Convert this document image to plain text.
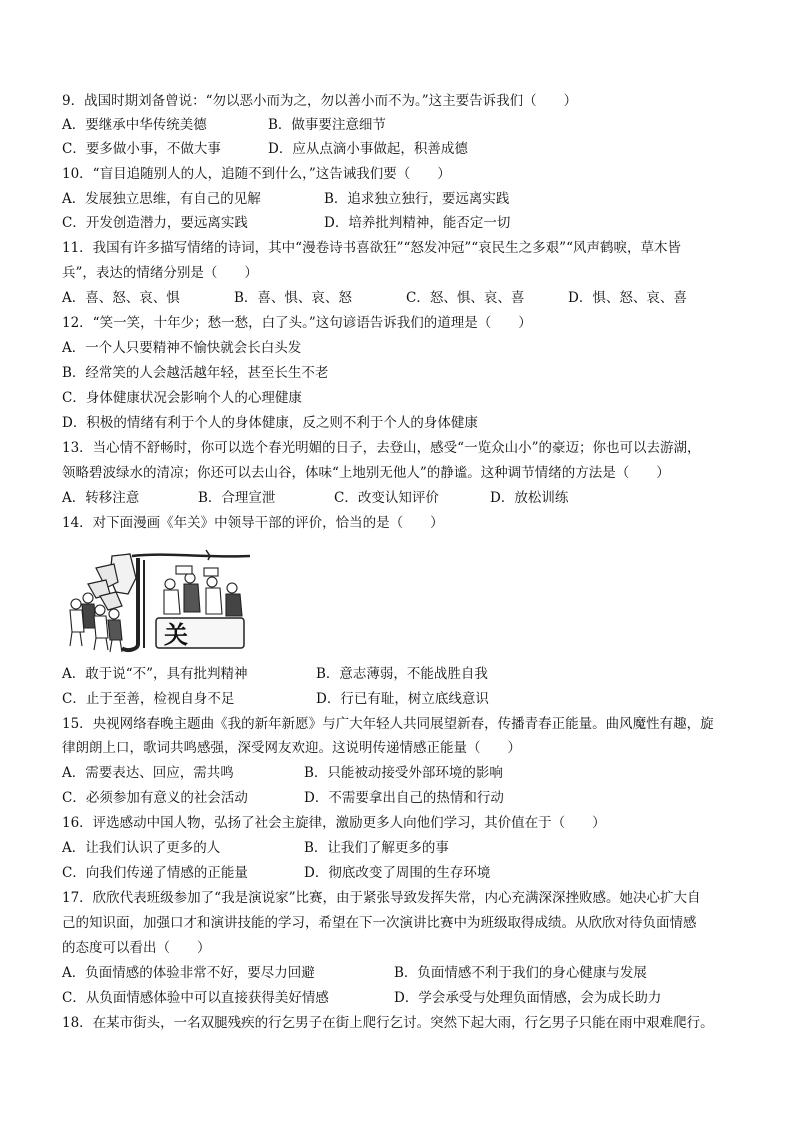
9．战国时期刘备曾说：“勿以恶小而为之，勿以善小而不为。”这主要告诉我们（　　）
A．要继承中华传统美德	B．做事要注意细节
C．要多做小事，不做大事	D．应从点滴小事做起，积善成德
10．“盲目追随别人的人，追随不到什么，”这告诫我们要（　　）
A．发展独立思维，有自己的见解	B．追求独立独行，要远离实践
C．开发创造潜力，要远离实践	D．培养批判精神，能否定一切
11．我国有许多描写情绪的诗词，其中“漫卷诗书喜欲狂”“怒发冲冠”“哀民生之多艰”“风声鹤唳，草木皆
兵”，表达的情绪分别是（　　）
A．喜、怒、哀、惧	B．喜、惧、哀、怒	C．怒、惧、哀、喜	D．惧、怒、哀、喜
12．“笑一笑，十年少；愁一愁，白了头。”这句谚语告诉我们的道理是（　　）
A．一个人只要精神不愉快就会长白头发
B．经常笑的人会越活越年轻，甚至长生不老
C．身体健康状况会影响个人的心理健康
D．积极的情绪有利于个人的身体健康，反之则不利于个人的身体健康
13．当心情不舒畅时，你可以选个春光明媚的日子，去登山，感受“一览众山小”的豪迈；你也可以去游湖，
领略碧波绿水的清凉；你还可以去山谷，体味“上地别无他人”的静谧。这种调节情绪的方法是（　　）
A．转移注意	B．合理宣泄	C．改变认知评价	D．放松训练
14．对下面漫画《年关》中领导干部的评价，恰当的是（　　）
关
A．敢于说“不”，具有批判精神	B．意志薄弱，不能战胜自我
C．止于至善，检视自身不足	D．行已有耻，树立底线意识
15．央视网络春晚主题曲《我的新年新愿》与广大年轻人共同展望新春，传播青春正能量。曲风魔性有趣，旋
律朗朗上口，歌词共鸣感强，深受网友欢迎。这说明传递情感正能量（　　）
A．需要表达、回应，需共鸣	B．只能被动接受外部环境的影响
C．必须参加有意义的社会活动	D．不需要拿出自己的热情和行动
16．评选感动中国人物，弘扬了社会主旋律，激励更多人向他们学习，其价值在于（　　）
A．让我们认识了更多的人	B．让我们了解更多的事
C．向我们传递了情感的正能量	D．彻底改变了周围的生存环境
17．欣欣代表班级参加了“我是演说家”比赛，由于紧张导致发挥失常，内心充满深深挫败感。她决心扩大自
己的知识面，加强口才和演讲技能的学习，希望在下一次演讲比赛中为班级取得成绩。从欣欣对待负面情感
的态度可以看出（　　）
A．负面情感的体验非常不好，要尽力回避	B．负面情感不利于我们的身心健康与发展
C．从负面情感体验中可以直接获得美好情感	D．学会承受与处理负面情感，会为成长助力
18．在某市街头，一名双腿残疾的行乞男子在街上爬行乞讨。突然下起大雨，行乞男子只能在雨中艰难爬行。
